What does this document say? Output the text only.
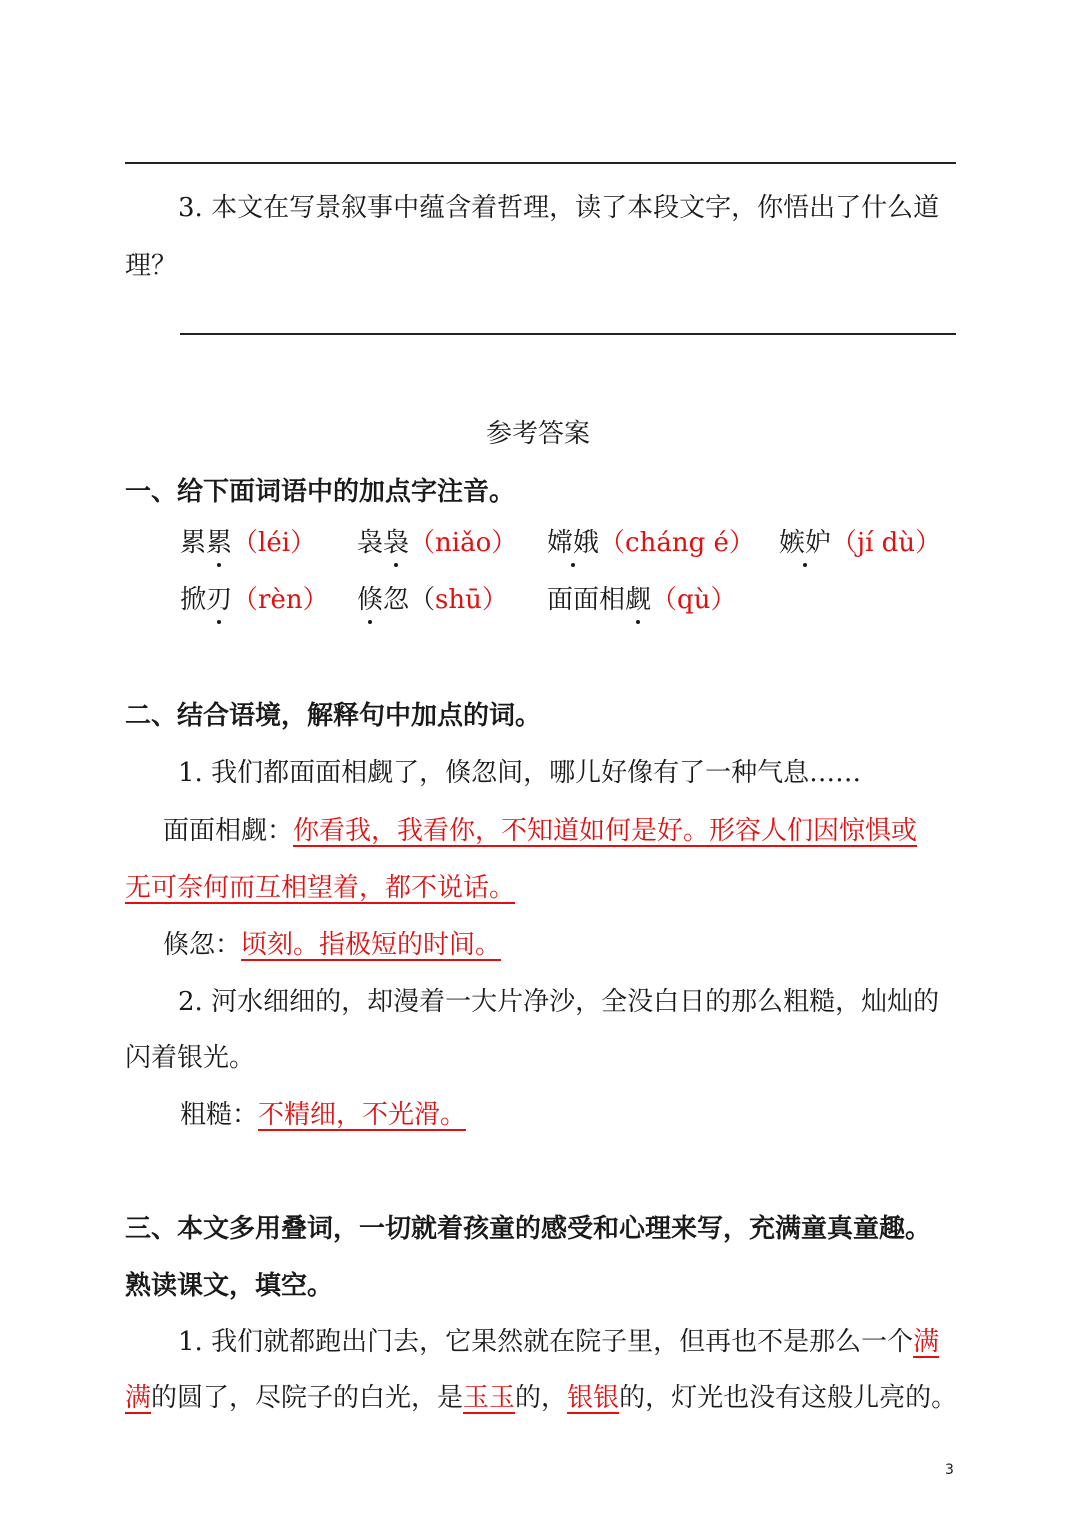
3. 本文在写景叙事中蕴含着哲理，读了本段文字，你悟出了什么道
理？
参考答案
一、给下面词语中的加点字注音。
累累（léi） 袅袅（niǎo） 嫦娥（cháng é） 嫉妒（jí dù）
掀刃（rèn） 倏忽（shū） 面面相觑（qù）
二、结合语境，解释句中加点的词。
1. 我们都面面相觑了，倏忽间，哪儿好像有了一种气息……
面面相觑：你看我，我看你，不知道如何是好。形容人们因惊惧或
无可奈何而互相望着，都不说话。
倏忽：顷刻。指极短的时间。
2. 河水细细的，却漫着一大片净沙，全没白日的那么粗糙，灿灿的
闪着银光。
粗糙：不精细，不光滑。
三、本文多用叠词，一切就着孩童的感受和心理来写，充满童真童趣。
熟读课文，填空。
1. 我们就都跑出门去，它果然就在院子里，但再也不是那么一个满
满的圆了，尽院子的白光，是玉玉的，银银的，灯光也没有这般儿亮的。
3
